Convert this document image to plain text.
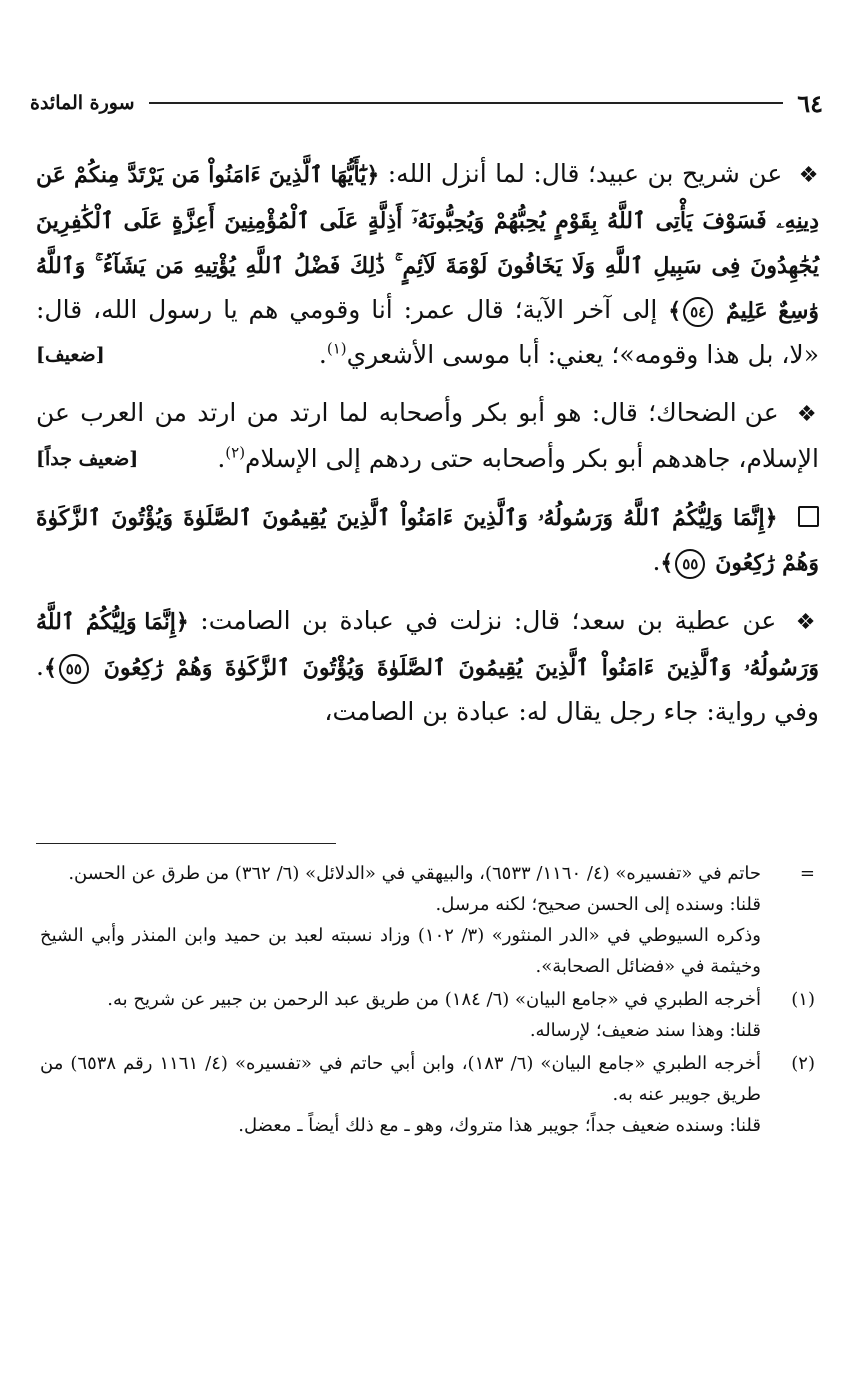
٦٤
سورة المائدة

❖ عن شريح بن عبيد؛ قال: لما أنزل الله: ﴿يَٰٓأَيُّهَا ٱلَّذِينَ ءَامَنُواْ مَن يَرْتَدَّ مِنكُمْ عَن دِينِهِۦ فَسَوْفَ يَأْتِى ٱللَّهُ بِقَوْمٍ يُحِبُّهُمْ وَيُحِبُّونَهُۥٓ أَذِلَّةٍ عَلَى ٱلْمُؤْمِنِينَ أَعِزَّةٍ عَلَى ٱلْكَٰفِرِينَ يُجَٰهِدُونَ فِى سَبِيلِ ٱللَّهِ وَلَا يَخَافُونَ لَوْمَةَ لَآئِمٍ ۚ ذَٰلِكَ فَضْلُ ٱللَّهِ يُؤْتِيهِ مَن يَشَآءُ ۚ وَٱللَّهُ وَٰسِعٌ عَلِيمٌ ٥٤﴾ إلى آخر الآية؛ قال عمر: أنا وقومي هم يا رسول الله، قال: «لا، بل هذا وقومه»؛ يعني: أبا موسى الأشعري$^{(١)}$.
[ضعيف]

❖ عن الضحاك؛ قال: هو أبو بكر وأصحابه لما ارتد من ارتد من العرب عن الإسلام، جاهدهم أبو بكر وأصحابه حتى ردهم إلى الإسلام$^{(٢)}$.
[ضعيف جداً]

﴿إِنَّمَا وَلِيُّكُمُ ٱللَّهُ وَرَسُولُهُۥ وَٱلَّذِينَ ءَامَنُواْ ٱلَّذِينَ يُقِيمُونَ ٱلصَّلَوٰةَ وَيُؤْتُونَ ٱلزَّكَوٰةَ وَهُمْ رَٰكِعُونَ ٥٥﴾.

❖ عن عطية بن سعد؛ قال: نزلت في عبادة بن الصامت: ﴿إِنَّمَا وَلِيُّكُمُ ٱللَّهُ وَرَسُولُهُۥ وَٱلَّذِينَ ءَامَنُواْ ٱلَّذِينَ يُقِيمُونَ ٱلصَّلَوٰةَ وَيُؤْتُونَ ٱلزَّكَوٰةَ وَهُمْ رَٰكِعُونَ ٥٥﴾. وفي رواية: جاء رجل يقال له: عبادة بن الصامت،

=
حاتم في «تفسيره» (٤/ ١١٦٠/ ٦٥٣٣)، والبيهقي في «الدلائل» (٦/ ٣٦٢) من طرق عن الحسن.
قلنا: وسنده إلى الحسن صحيح؛ لكنه مرسل.
وذكره السيوطي في «الدر المنثور» (٣/ ١٠٢) وزاد نسبته لعبد بن حميد وابن المنذر وأبي الشيخ وخيثمة في «فضائل الصحابة».
(١)
أخرجه الطبري في «جامع البيان» (٦/ ١٨٤) من طريق عبد الرحمن بن جبير عن شريح به.
قلنا: وهذا سند ضعيف؛ لإرساله.
(٢)
أخرجه الطبري «جامع البيان» (٦/ ١٨٣)، وابن أبي حاتم في «تفسيره» (٤/ ١١٦١ رقم ٦٥٣٨) من طريق جويبر عنه به.
قلنا: وسنده ضعيف جداً؛ جويبر هذا متروك، وهو ـ مع ذلك أيضاً ـ معضل.
